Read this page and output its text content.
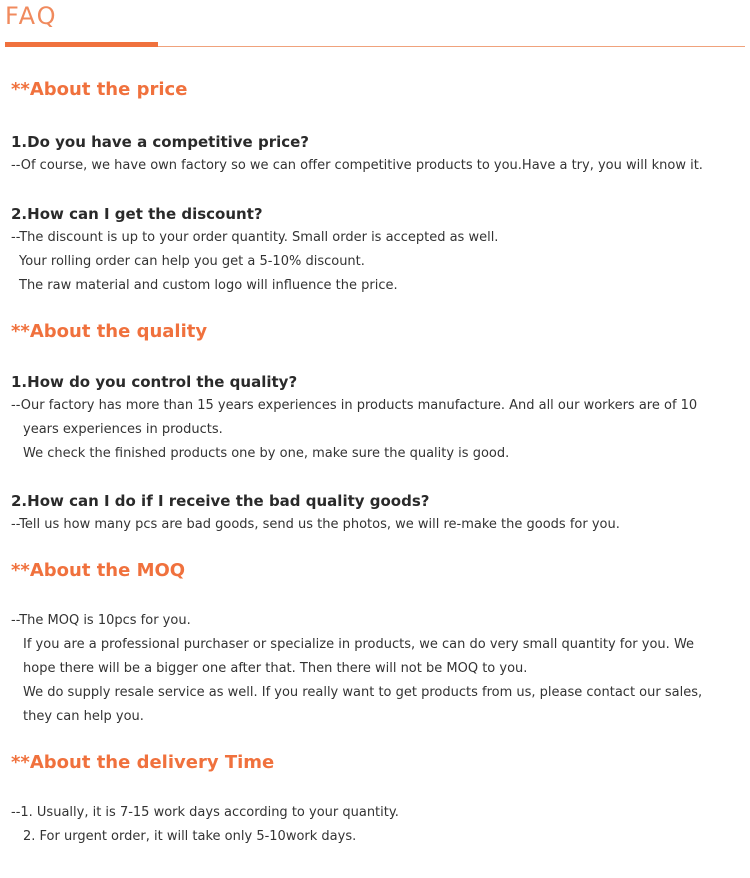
FAQ
**About the price
1.Do you have a competitive price?
--Of course, we have own factory so we can offer competitive products to you.Have a try, you will know it.
2.How can I get the discount?
--The discount is up to your order quantity. Small order is accepted as well.
Your rolling order can help you get a 5-10% discount.
The raw material and custom logo will influence the price.
**About the quality
1.How do you control the quality?
--Our factory has more than 15 years experiences in products manufacture. And all our workers are of 10
years experiences in products.
We check the finished products one by one, make sure the quality is good.
2.How can I do if I receive the bad quality goods?
--Tell us how many pcs are bad goods, send us the photos, we will re-make the goods for you.
**About the MOQ
--The MOQ is 10pcs for you.
If you are a professional purchaser or specialize in products, we can do very small quantity for you. We
hope there will be a bigger one after that. Then there will not be MOQ to you.
We do supply resale service as well. If you really want to get products from us, please contact our sales,
they can help you.
**About the delivery Time
--1. Usually, it is 7-15 work days according to your quantity.
2. For urgent order, it will take only 5-10work days.
